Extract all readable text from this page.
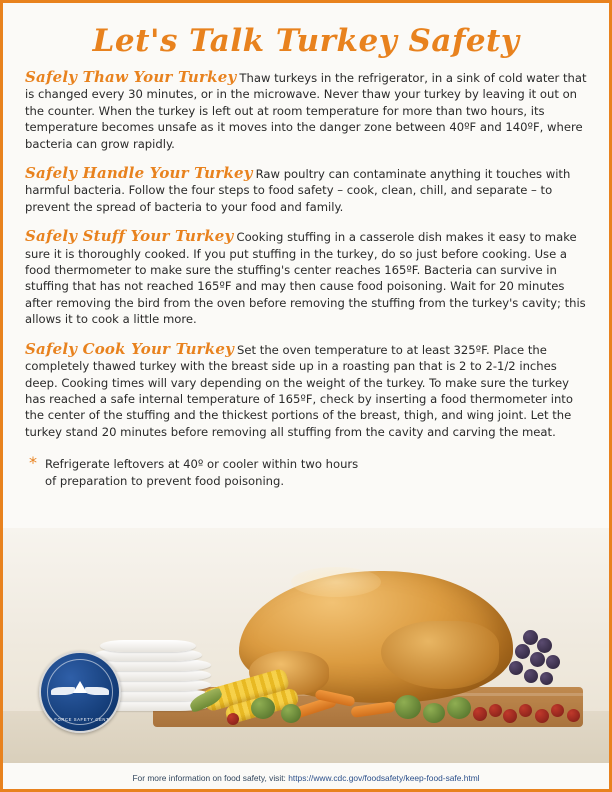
Let's Talk Turkey Safety

Safely Thaw Your Turkey Thaw turkeys in the refrigerator, in a sink of cold water that is changed every 30 minutes, or in the microwave. Never thaw your turkey by leaving it out on the counter. When the turkey is left out at room temperature for more than two hours, its temperature becomes unsafe as it moves into the danger zone between 40ºF and 140ºF, where bacteria can grow rapidly.

Safely Handle Your Turkey Raw poultry can contaminate anything it touches with harmful bacteria. Follow the four steps to food safety – cook, clean, chill, and separate – to prevent the spread of bacteria to your food and family.

Safely Stuff Your Turkey Cooking stuffing in a casserole dish makes it easy to make sure it is thoroughly cooked. If you put stuffing in the turkey, do so just before cooking. Use a food thermometer to make sure the stuffing's center reaches 165ºF. Bacteria can survive in stuffing that has not reached 165ºF and may then cause food poisoning. Wait for 20 minutes after removing the bird from the oven before removing the stuffing from the turkey's cavity; this allows it to cook a little more.

Safely Cook Your Turkey Set the oven temperature to at least 325ºF. Place the completely thawed turkey with the breast side up in a roasting pan that is 2 to 2-1/2 inches deep. Cooking times will vary depending on the weight of the turkey. To make sure the turkey has reached a safe internal temperature of 165ºF, check by inserting a food thermometer into the center of the stuffing and the thickest portions of the breast, thigh, and wing joint. Let the turkey stand 20 minutes before removing all stuffing from the cavity and carving the meat.

* Refrigerate leftovers at 40º or cooler within two hours of preparation to prevent food poisoning.
AIR FORCE SAFETY CENTER
For more information on food safety, visit: https://www.cdc.gov/foodsafety/keep-food-safe.html
